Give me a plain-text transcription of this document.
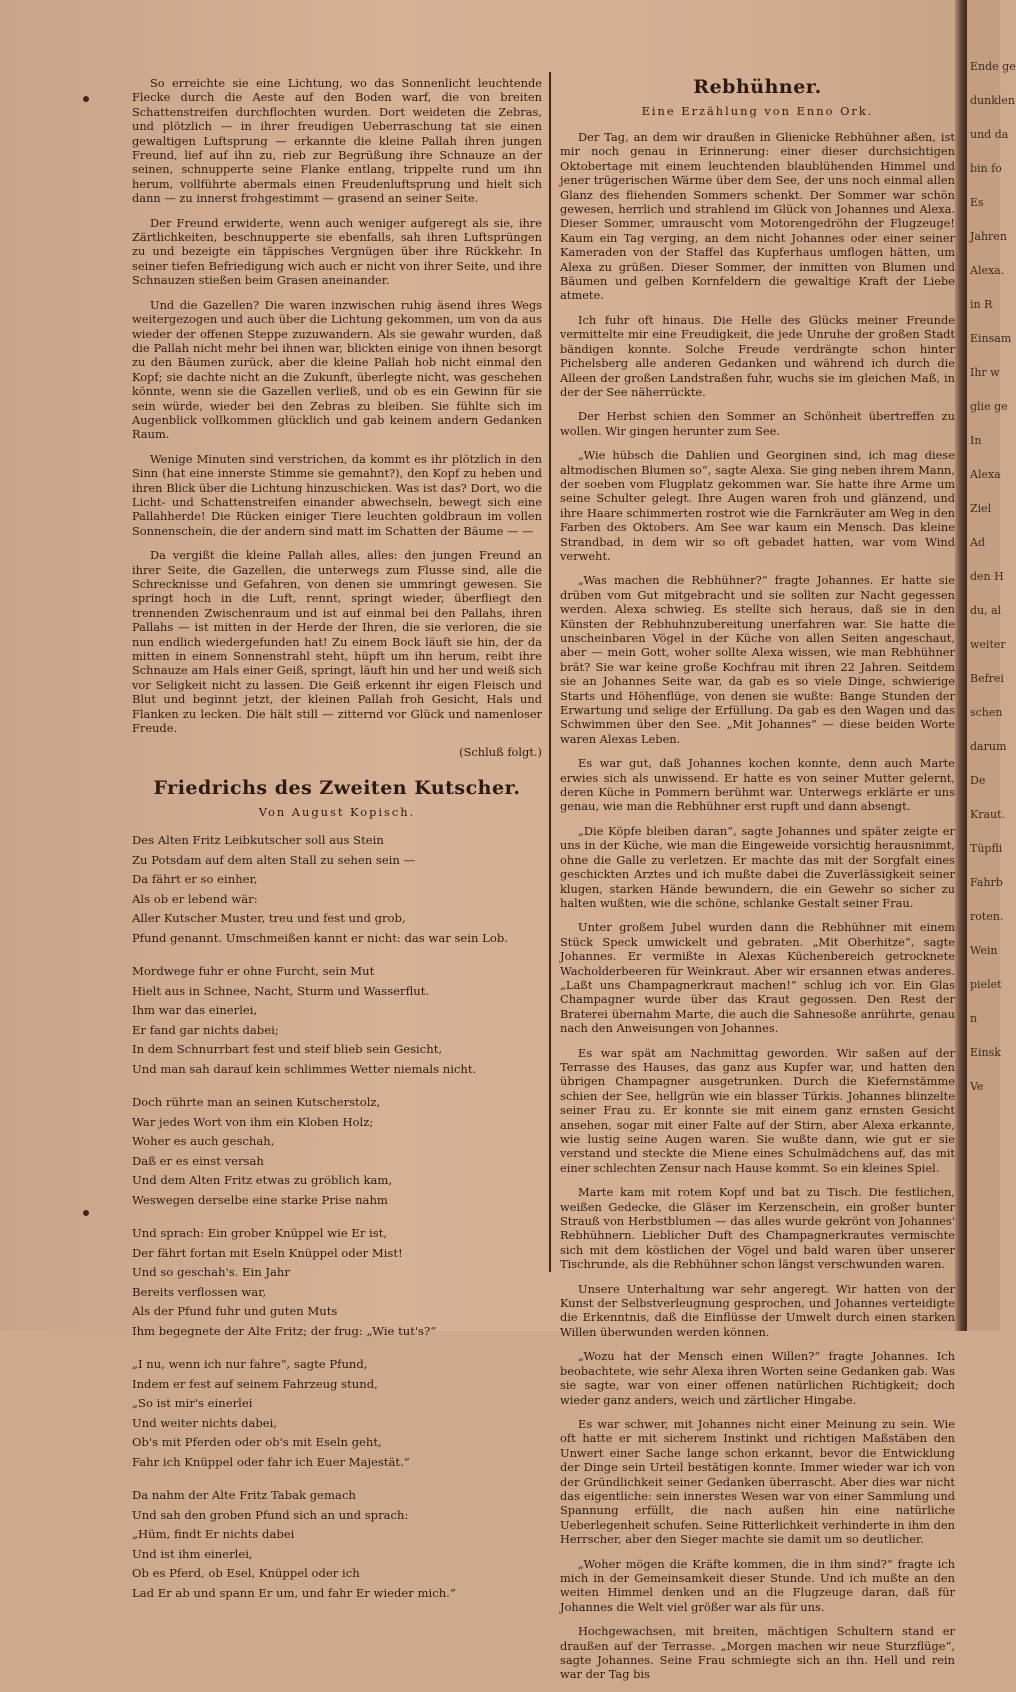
Ende ge
dunklen
und da
bin fo
Es
Jahren
Alexa.
in R
Einsam
Ihr w
glie ge
In
Alexa
Ziel
Ad
den H
du, al
weiter
Befrei
schen
darum
De
Kraut.
Tüpfli
Fahrb
roten.
Wein
pielet
n
Einsk
Ve

So erreichte sie eine Lichtung, wo das Sonnenlicht leuchtende Flecke durch die Aeste auf den Boden warf, die von breiten Schattenstreifen durchflochten wurden. Dort weideten die Zebras, und plötzlich — in ihrer freudigen Ueberraschung tat sie einen gewaltigen Luftsprung — erkannte die kleine Pallah ihren jungen Freund, lief auf ihn zu, rieb zur Begrüßung ihre Schnauze an der seinen, schnupperte seine Flanke entlang, trippelte rund um ihn herum, vollführte abermals einen Freudenluftsprung und hielt sich dann — zu innerst frohgestimmt — grasend an seiner Seite.

Der Freund erwiderte, wenn auch weniger aufgeregt als sie, ihre Zärtlichkeiten, beschnupperte sie ebenfalls, sah ihren Luftsprüngen zu und bezeigte ein täppisches Vergnügen über ihre Rückkehr. In seiner tiefen Befriedigung wich auch er nicht von ihrer Seite, und ihre Schnauzen stießen beim Grasen aneinander.

Und die Gazellen? Die waren inzwischen ruhig äsend ihres Wegs weitergezogen und auch über die Lichtung gekommen, um von da aus wieder der offenen Steppe zuzuwandern. Als sie gewahr wurden, daß die Pallah nicht mehr bei ihnen war, blickten einige von ihnen besorgt zu den Bäumen zurück, aber die kleine Pallah hob nicht einmal den Kopf; sie dachte nicht an die Zukunft, überlegte nicht, was geschehen könnte, wenn sie die Gazellen verließ, und ob es ein Gewinn für sie sein würde, wieder bei den Zebras zu bleiben. Sie fühlte sich im Augenblick vollkommen glücklich und gab keinem andern Gedanken Raum.

Wenige Minuten sind verstrichen, da kommt es ihr plötzlich in den Sinn (hat eine innerste Stimme sie gemahnt?), den Kopf zu heben und ihren Blick über die Lichtung hinzuschicken. Was ist das? Dort, wo die Licht- und Schattenstreifen einander abwechseln, bewegt sich eine Pallahherde! Die Rücken einiger Tiere leuchten goldbraun im vollen Sonnenschein, die der andern sind matt im Schatten der Bäume — —

Da vergißt die kleine Pallah alles, alles: den jungen Freund an ihrer Seite, die Gazellen, die unterwegs zum Flusse sind, alle die Schrecknisse und Gefahren, von denen sie ummringt gewesen. Sie springt hoch in die Luft, rennt, springt wieder, überfliegt den trennenden Zwischenraum und ist auf einmal bei den Pallahs, ihren Pallahs — ist mitten in der Herde der Ihren, die sie verloren, die sie nun endlich wiedergefunden hat! Zu einem Bock läuft sie hin, der da mitten in einem Sonnenstrahl steht, hüpft um ihn herum, reibt ihre Schnauze am Hals einer Geiß, springt, läuft hin und her und weiß sich vor Seligkeit nicht zu lassen. Die Geiß erkennt ihr eigen Fleisch und Blut und beginnt jetzt, der kleinen Pallah froh Gesicht, Hals und Flanken zu lecken. Die hält still — zitternd vor Glück und namenloser Freude.

(Schluß folgt.)
Friedrichs des Zweiten Kutscher.
Von August Kopisch.
Des Alten Fritz Leibkutscher soll aus Stein
Zu Potsdam auf dem alten Stall zu sehen sein —
Da fährt er so einher,
Als ob er lebend wär:
Aller Kutscher Muster, treu und fest und grob,
Pfund genannt. Umschmeißen kannt er nicht: das war sein Lob.
Mordwege fuhr er ohne Furcht, sein Mut
Hielt aus in Schnee, Nacht, Sturm und Wasserflut.
Ihm war das einerlei,
Er fand gar nichts dabei;
In dem Schnurrbart fest und steif blieb sein Gesicht,
Und man sah darauf kein schlimmes Wetter niemals nicht.
Doch rührte man an seinen Kutscherstolz,
War jedes Wort von ihm ein Kloben Holz;
Woher es auch geschah,
Daß er es einst versah
Und dem Alten Fritz etwas zu gröblich kam,
Weswegen derselbe eine starke Prise nahm
Und sprach: Ein grober Knüppel wie Er ist,
Der fährt fortan mit Eseln Knüppel oder Mist!
Und so geschah's. Ein Jahr
Bereits verflossen war,
Als der Pfund fuhr und guten Muts
Ihm begegnete der Alte Fritz; der frug: „Wie tut's?“
„I nu, wenn ich nur fahre“, sagte Pfund,
Indem er fest auf seinem Fahrzeug stund,
„So ist mir's einerlei
Und weiter nichts dabei,
Ob's mit Pferden oder ob's mit Eseln geht,
Fahr ich Knüppel oder fahr ich Euer Majestät.“
Da nahm der Alte Fritz Tabak gemach
Und sah den groben Pfund sich an und sprach:
„Hüm, findt Er nichts dabei
Und ist ihm einerlei,
Ob es Pferd, ob Esel, Knüppel oder ich
Lad Er ab und spann Er um, und fahr Er wieder mich.“
Rebhühner.
Eine Erzählung von Enno Ork.

Der Tag, an dem wir draußen in Glienicke Rebhühner aßen, ist mir noch genau in Erinnerung: einer dieser durchsichtigen Oktobertage mit einem leuchtenden blaublühenden Himmel und jener trügerischen Wärme über dem See, der uns noch einmal allen Glanz des fliehenden Sommers schenkt. Der Sommer war schön gewesen, herrlich und strahlend im Glück von Johannes und Alexa. Dieser Sommer, umrauscht vom Motorengedröhn der Flugzeuge! Kaum ein Tag verging, an dem nicht Johannes oder einer seiner Kameraden von der Staffel das Kupferhaus umflogen hätten, um Alexa zu grüßen. Dieser Sommer, der inmitten von Blumen und Bäumen und gelben Kornfeldern die gewaltige Kraft der Liebe atmete.

Ich fuhr oft hinaus. Die Helle des Glücks meiner Freunde vermittelte mir eine Freudigkeit, die jede Unruhe der großen Stadt bändigen konnte. Solche Freude verdrängte schon hinter Pichelsberg alle anderen Gedanken und während ich durch die Alleen der großen Landstraßen fuhr, wuchs sie im gleichen Maß, in der der See näherrückte.

Der Herbst schien den Sommer an Schönheit übertreffen zu wollen. Wir gingen herunter zum See.

„Wie hübsch die Dahlien und Georginen sind, ich mag diese altmodischen Blumen so“, sagte Alexa. Sie ging neben ihrem Mann, der soeben vom Flugplatz gekommen war. Sie hatte ihre Arme um seine Schulter gelegt. Ihre Augen waren froh und glänzend, und ihre Haare schimmerten rostrot wie die Farnkräuter am Weg in den Farben des Oktobers. Am See war kaum ein Mensch. Das kleine Strandbad, in dem wir so oft gebadet hatten, war vom Wind verweht.

„Was machen die Rebhühner?“ fragte Johannes. Er hatte sie drüben vom Gut mitgebracht und sie sollten zur Nacht gegessen werden. Alexa schwieg. Es stellte sich heraus, daß sie in den Künsten der Rebhuhnzubereitung unerfahren war. Sie hatte die unscheinbaren Vögel in der Küche von allen Seiten angeschaut, aber — mein Gott, woher sollte Alexa wissen, wie man Rebhühner brät? Sie war keine große Kochfrau mit ihren 22 Jahren. Seitdem sie an Johannes Seite war, da gab es so viele Dinge, schwierige Starts und Höhenflüge, von denen sie wußte: Bange Stunden der Erwartung und selige der Erfüllung. Da gab es den Wagen und das Schwimmen über den See. „Mit Johannes“ — diese beiden Worte waren Alexas Leben.

Es war gut, daß Johannes kochen konnte, denn auch Marte erwies sich als unwissend. Er hatte es von seiner Mutter gelernt, deren Küche in Pommern berühmt war. Unterwegs erklärte er uns genau, wie man die Rebhühner erst rupft und dann absengt.

„Die Köpfe bleiben daran“, sagte Johannes und später zeigte er uns in der Küche, wie man die Eingeweide vorsichtig herausnimmt, ohne die Galle zu verletzen. Er machte das mit der Sorgfalt eines geschickten Arztes und ich mußte dabei die Zuverlässigkeit seiner klugen, starken Hände bewundern, die ein Gewehr so sicher zu halten wußten, wie die schöne, schlanke Gestalt seiner Frau.

Unter großem Jubel wurden dann die Rebhühner mit einem Stück Speck umwickelt und gebraten. „Mit Oberhitze“, sagte Johannes. Er vermißte in Alexas Küchenbereich getrocknete Wacholderbeeren für Weinkraut. Aber wir ersannen etwas anderes. „Laßt uns Champagnerkraut machen!“ schlug ich vor. Ein Glas Champagner wurde über das Kraut gegossen. Den Rest der Braterei übernahm Marte, die auch die Sahnesoße anrührte, genau nach den Anweisungen von Johannes.

Es war spät am Nachmittag geworden. Wir saßen auf der Terrasse des Hauses, das ganz aus Kupfer war, und hatten den übrigen Champagner ausgetrunken. Durch die Kiefernstämme schien der See, hellgrün wie ein blasser Türkis. Johannes blinzelte seiner Frau zu. Er konnte sie mit einem ganz ernsten Gesicht ansehen, sogar mit einer Falte auf der Stirn, aber Alexa erkannte, wie lustig seine Augen waren. Sie wußte dann, wie gut er sie verstand und steckte die Miene eines Schulmädchens auf, das mit einer schlechten Zensur nach Hause kommt. So ein kleines Spiel.

Marte kam mit rotem Kopf und bat zu Tisch. Die festlichen, weißen Gedecke, die Gläser im Kerzenschein, ein großer bunter Strauß von Herbstblumen — das alles wurde gekrönt von Johannes' Rebhühnern. Lieblicher Duft des Champagnerkrautes vermischte sich mit dem köstlichen der Vögel und bald waren über unserer Tischrunde, als die Rebhühner schon längst verschwunden waren.

Unsere Unterhaltung war sehr angeregt. Wir hatten von der Kunst der Selbstverleugnung gesprochen, und Johannes verteidigte die Erkenntnis, daß die Einflüsse der Umwelt durch einen starken Willen überwunden werden können.

„Wozu hat der Mensch einen Willen?“ fragte Johannes. Ich beobachtete, wie sehr Alexa ihren Worten seine Gedanken gab. Was sie sagte, war von einer offenen natürlichen Richtigkeit; doch wieder ganz anders, weich und zärtlicher Hingabe.

Es war schwer, mit Johannes nicht einer Meinung zu sein. Wie oft hatte er mit sicherem Instinkt und richtigen Maßstäben den Unwert einer Sache lange schon erkannt, bevor die Entwicklung der Dinge sein Urteil bestätigen konnte. Immer wieder war ich von der Gründlichkeit seiner Gedanken überrascht. Aber dies war nicht das eigentliche: sein innerstes Wesen war von einer Sammlung und Spannung erfüllt, die nach außen hin eine natürliche Ueberlegenheit schufen. Seine Ritterlichkeit verhinderte in ihm den Herrscher, aber den Sieger machte sie damit um so deutlicher.

„Woher mögen die Kräfte kommen, die in ihm sind?“ fragte ich mich in der Gemeinsamkeit dieser Stunde. Und ich mußte an den weiten Himmel denken und an die Flugzeuge daran, daß für Johannes die Welt viel größer war als für uns.

Hochgewachsen, mit breiten, mächtigen Schultern stand er draußen auf der Terrasse. „Morgen machen wir neue Sturzflüge“, sagte Johannes. Seine Frau schmiegte sich an ihn. Hell und rein war der Tag bis
